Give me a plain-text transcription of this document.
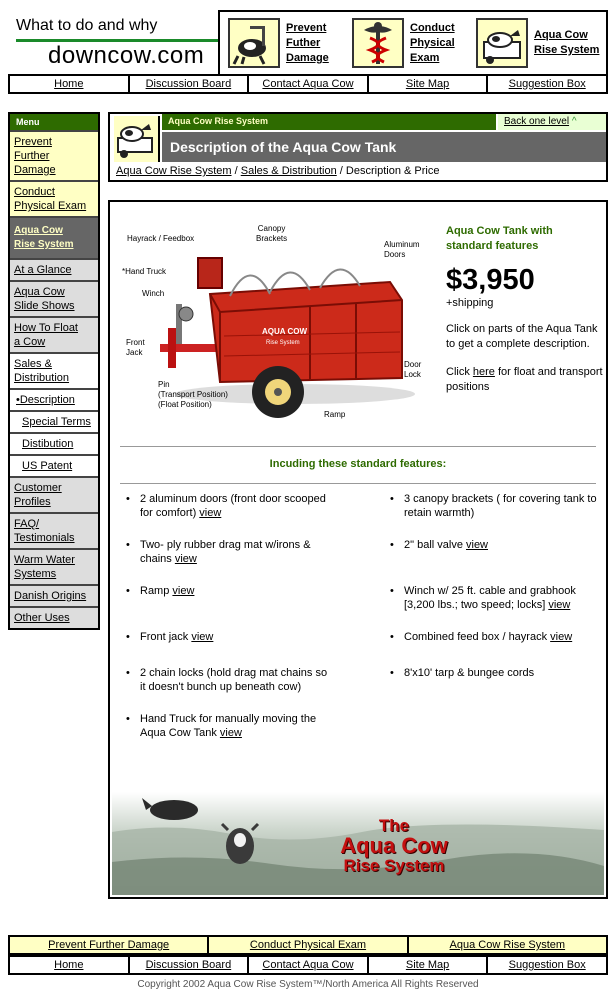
What to do and why
downcow.com
Prevent
Futher
Damage
Conduct
Physical
Exam
Aqua Cow
Rise System
Home	Discussion Board	Contact Aqua Cow	Site Map	Suggestion Box
Menu
Prevent
Further Damage
Conduct
Physical Exam
Aqua Cow
Rise System
At a Glance
Aqua Cow
Slide Shows
How To Float
a Cow
Sales &
Distribution
•Description
Special Terms
Distibution
US Patent
Customer
Profiles
FAQ/
Testimonials
Warm Water
Systems
Danish Origins
Other Uses
Aqua Cow Rise System	Back one level ^
Description of the Aqua Cow Tank
Aqua Cow Rise System / Sales & Distribution / Description & Price
AQUA COW
Rise System
Hayrack / Feedbox
Canopy
Brackets
Aluminum
Doors
*Hand Truck
Winch
Front
Jack
Door
Lock
Pin
(Transport Position)
(Float Position)
Ramp
Aqua Cow Tank with
standard features
$3,950
+shipping

Click on parts of the Aqua Tank to get a complete description.

Click here for float and transport positions

Incuding these standard features:
• 2 aluminum doors (front door scooped for comfort) view
• Two- ply rubber drag mat w/irons & chains view
• Ramp view
• Front jack view
• 2 chain locks (hold drag mat chains so it doesn't bunch up beneath cow)
• Hand Truck for manually moving the Aqua Cow Tank view
• 3 canopy brackets ( for covering tank to retain warmth)
• 2" ball valve view
• Winch w/ 25 ft. cable and grabhook [3,200 lbs.; two speed; locks] view
• Combined feed box / hayrack view
• 8'x10' tarp & bungee cords
The
Aqua Cow
Rise System
Prevent Further Damage	Conduct Physical Exam	Aqua Cow Rise System
Home	Discussion Board	Contact Aqua Cow	Site Map	Suggestion Box
Copyright 2002 Aqua Cow Rise System™/North America All Rights Reserved
